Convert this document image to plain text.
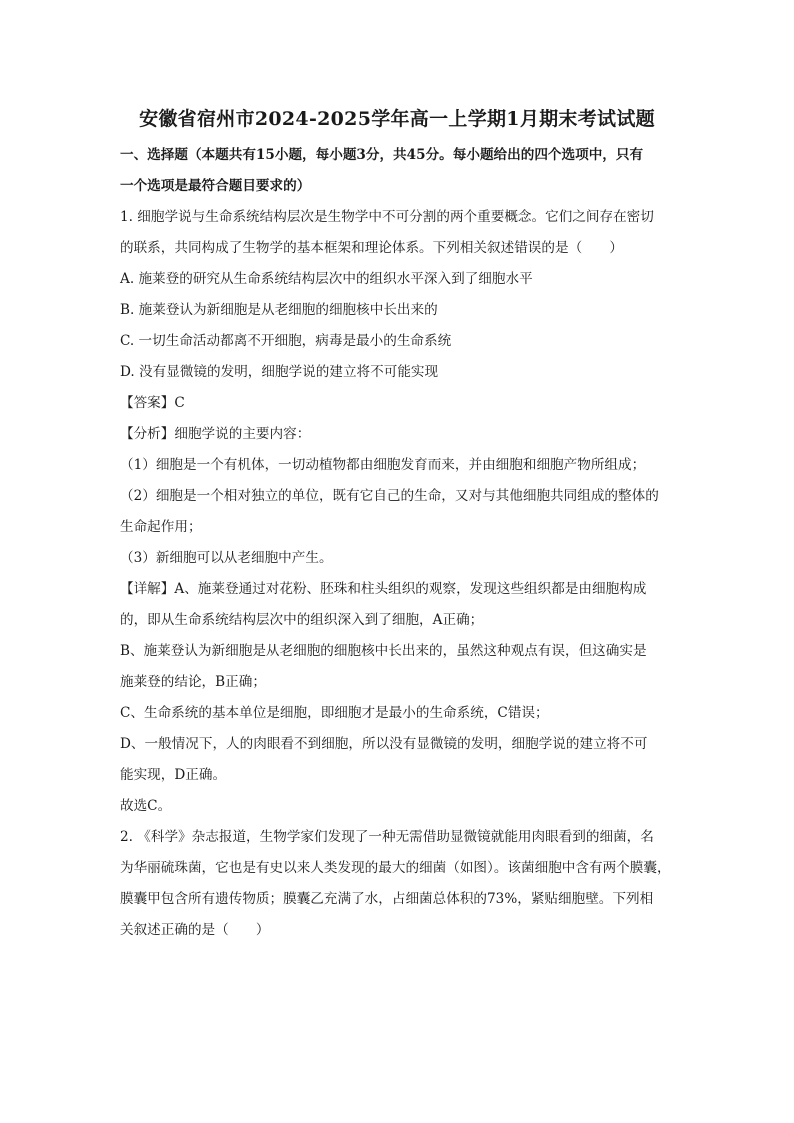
安徽省宿州市2024-2025学年高一上学期1月期末考试试题
一、选择题（本题共有15小题，每小题3分，共45分。每小题给出的四个选项中，只有
一个选项是最符合题目要求的）
1. 细胞学说与生命系统结构层次是生物学中不可分割的两个重要概念。它们之间存在密切
的联系，共同构成了生物学的基本框架和理论体系。下列相关叙述错误的是（　　）
A. 施莱登的研究从生命系统结构层次中的组织水平深入到了细胞水平
B. 施莱登认为新细胞是从老细胞的细胞核中长出来的
C. 一切生命活动都离不开细胞，病毒是最小的生命系统
D. 没有显微镜的发明，细胞学说的建立将不可能实现
【答案】C
【分析】细胞学说的主要内容：
（1）细胞是一个有机体，一切动植物都由细胞发育而来，并由细胞和细胞产物所组成；
（2）细胞是一个相对独立的单位，既有它自己的生命，又对与其他细胞共同组成的整体的
生命起作用；
（3）新细胞可以从老细胞中产生。
【详解】A、施莱登通过对花粉、胚珠和柱头组织的观察，发现这些组织都是由细胞构成
的，即从生命系统结构层次中的组织深入到了细胞，A正确；
B、施莱登认为新细胞是从老细胞的细胞核中长出来的，虽然这种观点有误，但这确实是
施莱登的结论，B正确；
C、生命系统的基本单位是细胞，即细胞才是最小的生命系统，C错误；
D、一般情况下，人的肉眼看不到细胞，所以没有显微镜的发明，细胞学说的建立将不可
能实现，D正确。
故选C。
2. 《科学》杂志报道，生物学家们发现了一种无需借助显微镜就能用肉眼看到的细菌，名
为华丽硫珠菌，它也是有史以来人类发现的最大的细菌（如图）。该菌细胞中含有两个膜囊，
膜囊甲包含所有遗传物质；膜囊乙充满了水，占细菌总体积的73%，紧贴细胞壁。下列相
关叙述正确的是（　　）
